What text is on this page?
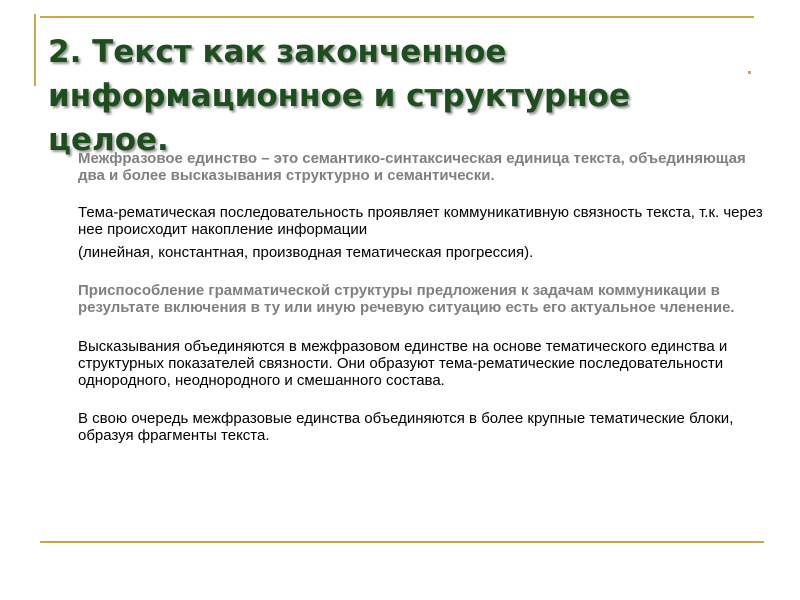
2. Текст как законченное информационное и структурное целое.

Межфразовое единство – это семантико-синтаксическая единица текста, объединяющая два и более высказывания структурно и семантически.

Тема-рематическая последовательность проявляет коммуникативную связность текста, т.к. через нее происходит накопление информации

(линейная, константная, производная тематическая прогрессия).

Приспособление грамматической структуры предложения к задачам коммуникации в результате включения в ту или иную речевую ситуацию есть его актуальное членение.

Высказывания объединяются в межфразовом единстве на основе тематического единства и структурных показателей связности. Они образуют тема-рематические последовательности однородного, неоднородного и смешанного состава.

В свою очередь межфразовые единства объединяются в более крупные тематические блоки, образуя фрагменты текста.
